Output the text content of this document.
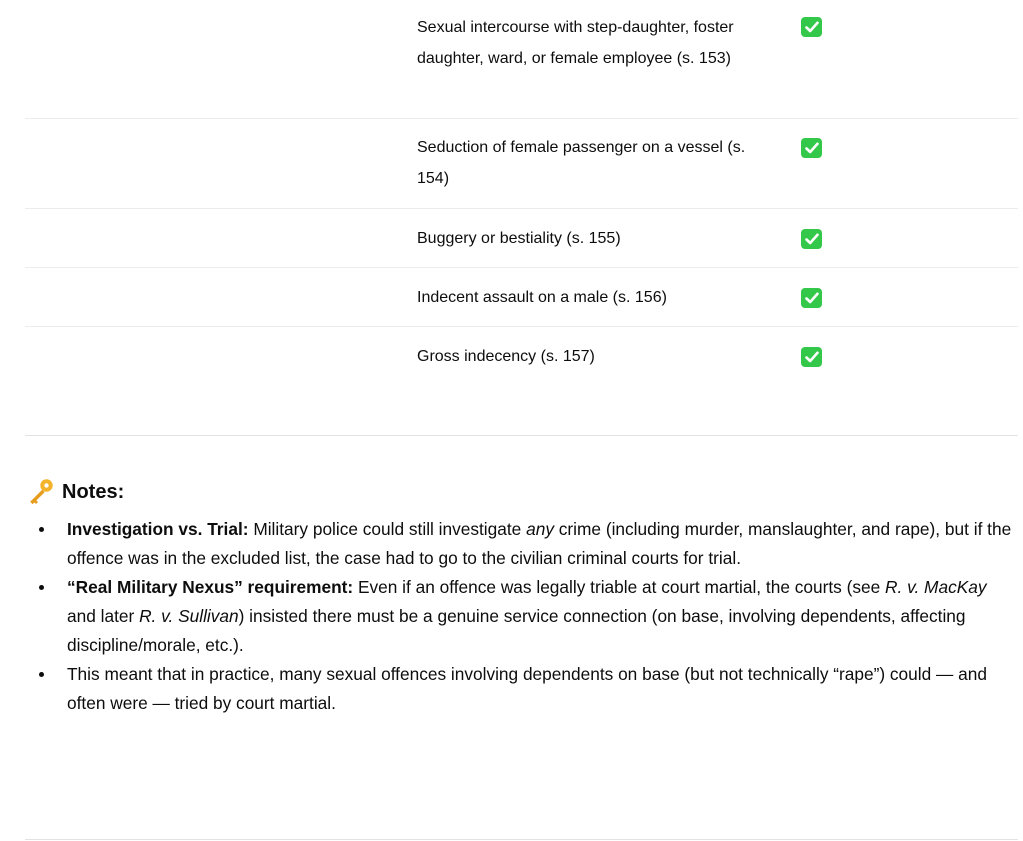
Sexual intercourse with step-daughter, foster daughter, ward, or female employee (s. 153)
Seduction of female passenger on a vessel (s. 154)
Buggery or bestiality (s. 155)
Indecent assault on a male (s. 156)
Gross indecency (s. 157)
Notes:
Investigation vs. Trial: Military police could still investigate any crime (including murder, manslaughter, and rape), but if the offence was in the excluded list, the case had to go to the civilian criminal courts for trial.
“Real Military Nexus” requirement: Even if an offence was legally triable at court martial, the courts (see R. v. MacKay and later R. v. Sullivan) insisted there must be a genuine service connection (on base, involving dependents, affecting discipline/morale, etc.).
This meant that in practice, many sexual offences involving dependents on base (but not technically “rape”) could — and often were — tried by court martial.
